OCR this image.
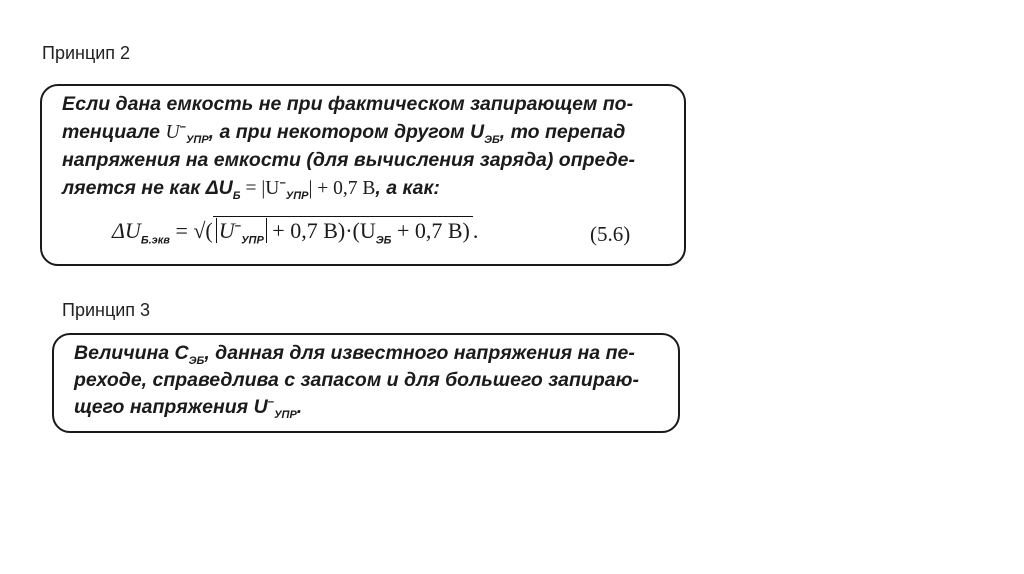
Принцип 2
Если дана емкость не при фактическом запирающем по-
тенциале $U^-_{УПР}$, а при некотором другом $U_{ЭБ}$, то перепад
напряжения на емкости (для вычисления заряда) опреде-
ляется не как $\Delta U_Б = |U^-_{УПР}| + 0,7$ B, а как:
$\Delta U_{Б.экв}$ = √( $U^-_{УПР} + 0,7$ $B)\cdot(U_{ЭБ} + 0,7$ B) .	(5.6)
Принцип 3
Величина $C_{ЭБ}$, данная для известного напряжения на пе-
реходе, справедлива с запасом и для большего запираю-
щего напряжения $U^-_{УПР}$.
